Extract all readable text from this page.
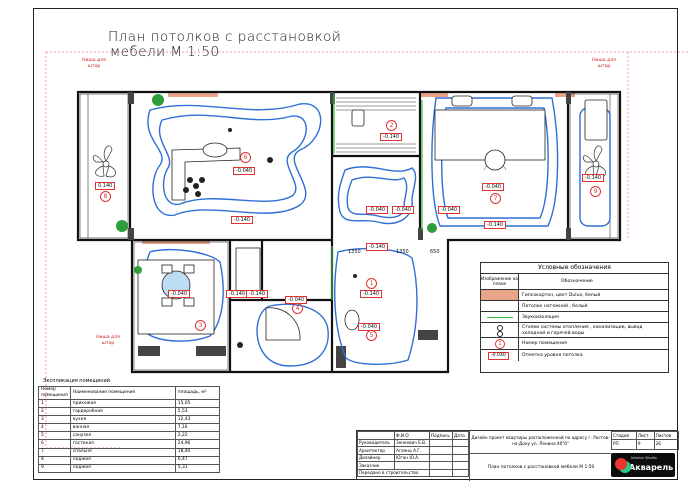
План потолков с расстановкой
мебели М 1:50
Ниша для штор
Ниша для штор
Ниша для штор
1
2
3
4
5
6
7
8
9
-0.140
-0.140
-0.140
-0.040
-0.040
-0.040
-0.040
0.140
-0.140
-0.140
-0.140
-0.140
-0.040
-0.140
-0.040
-0.040	-0.040
1350	1350	650
Условные обозначения
Изображение на плане	Обозначение
Гипсокартон, цвет Dulux, белый
Потолок натяжной , белый
Звукоизоляция
Стояки системы отопления , канализации, вывод холодной и горячей воды
1	Номер помещения
-0.040	Отметка уровня потолка
Экспликация помещений
Номер помещения	Наименование помещения	площадь, м²
1	прихожая	15,05
2	гардеробная	5,53
3	кухня	12,43
4	ванная	7,16
5	санузел	2,22
6	гостиная	24,96
7	спальня	18,40
8	лоджия	6,47
9	лоджия	5,31
	Ф.И.О	Подпись	Дата
Руководитель	Зенкевич Е.В.		
Архитектор	Агаянц А.Г.		
Дизайнер	Юган Ю.А.		
Заказчик			
Передано в строительство			
Дизайн проект квартиры расположенной по адресу г. Ростов-на-Дону ул. Ленина 40"6"
План потолков с расстановкой мебели М 1:50
Стадия	Лист	Листов
РП	9	26
Interior Studio
Акварель
